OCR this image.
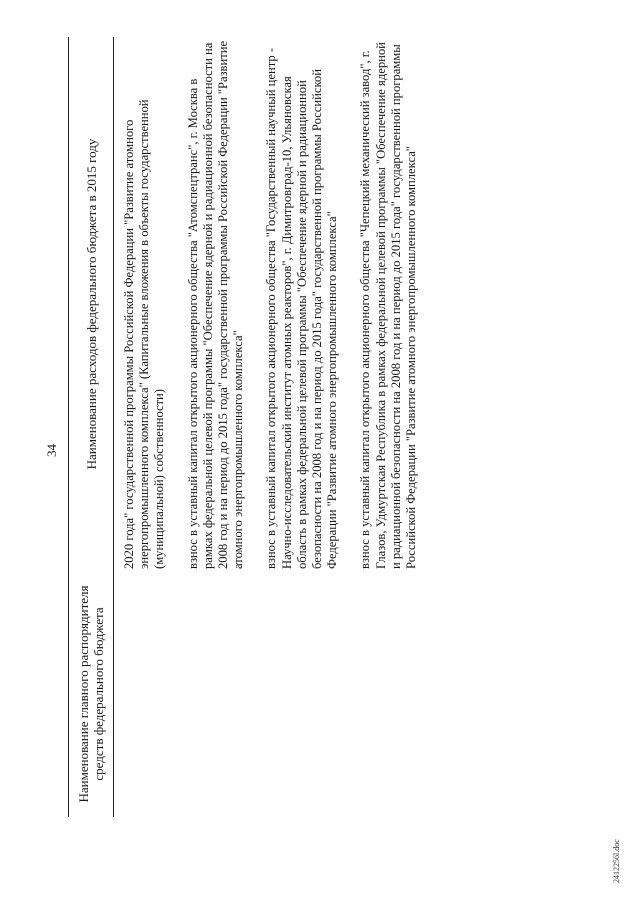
34
Наименование главного распорядителя
средств федерального бюджета
Наименование расходов федерального бюджета в 2015 году 2020 года" государственной программы Российской Федерации "Развитие атомного энергопромышленного комплекса" (Капитальные вложения в объекты государственной (муниципальной) собственности) взнос в уставный капитал открытого акционерного общества "Атомспецтранс", г. Москва в рамках федеральной целевой программы "Обеспечение ядерной и радиационной безопасности на 2008 год и на период до 2015 года" государственной программы Российской Федерации "Развитие атомного энергопромышленного комплекса" взнос в уставный капитал открытого акционерного общества "Государственный научный центр - Научно-исследовательский институт атомных реакторов", г. Димитровград-10, Ульяновская область в рамках федеральной целевой программы "Обеспечение ядерной и радиационной безопасности на 2008 год и на период до 2015 года" государственной программы Российской Федерации "Развитие атомного энергопромышленного комплекса" взнос в уставный капитал открытого акционерного общества "Чепецкий механический завод", г. Глазов, Удмуртская Республика в рамках федеральной целевой программы "Обеспечение ядерной и радиационной безопасности на 2008 год и на период до 2015 года" государственной программы Российской Федерации "Развитие атомного энергопромышленного комплекса"

2412256l.doc
